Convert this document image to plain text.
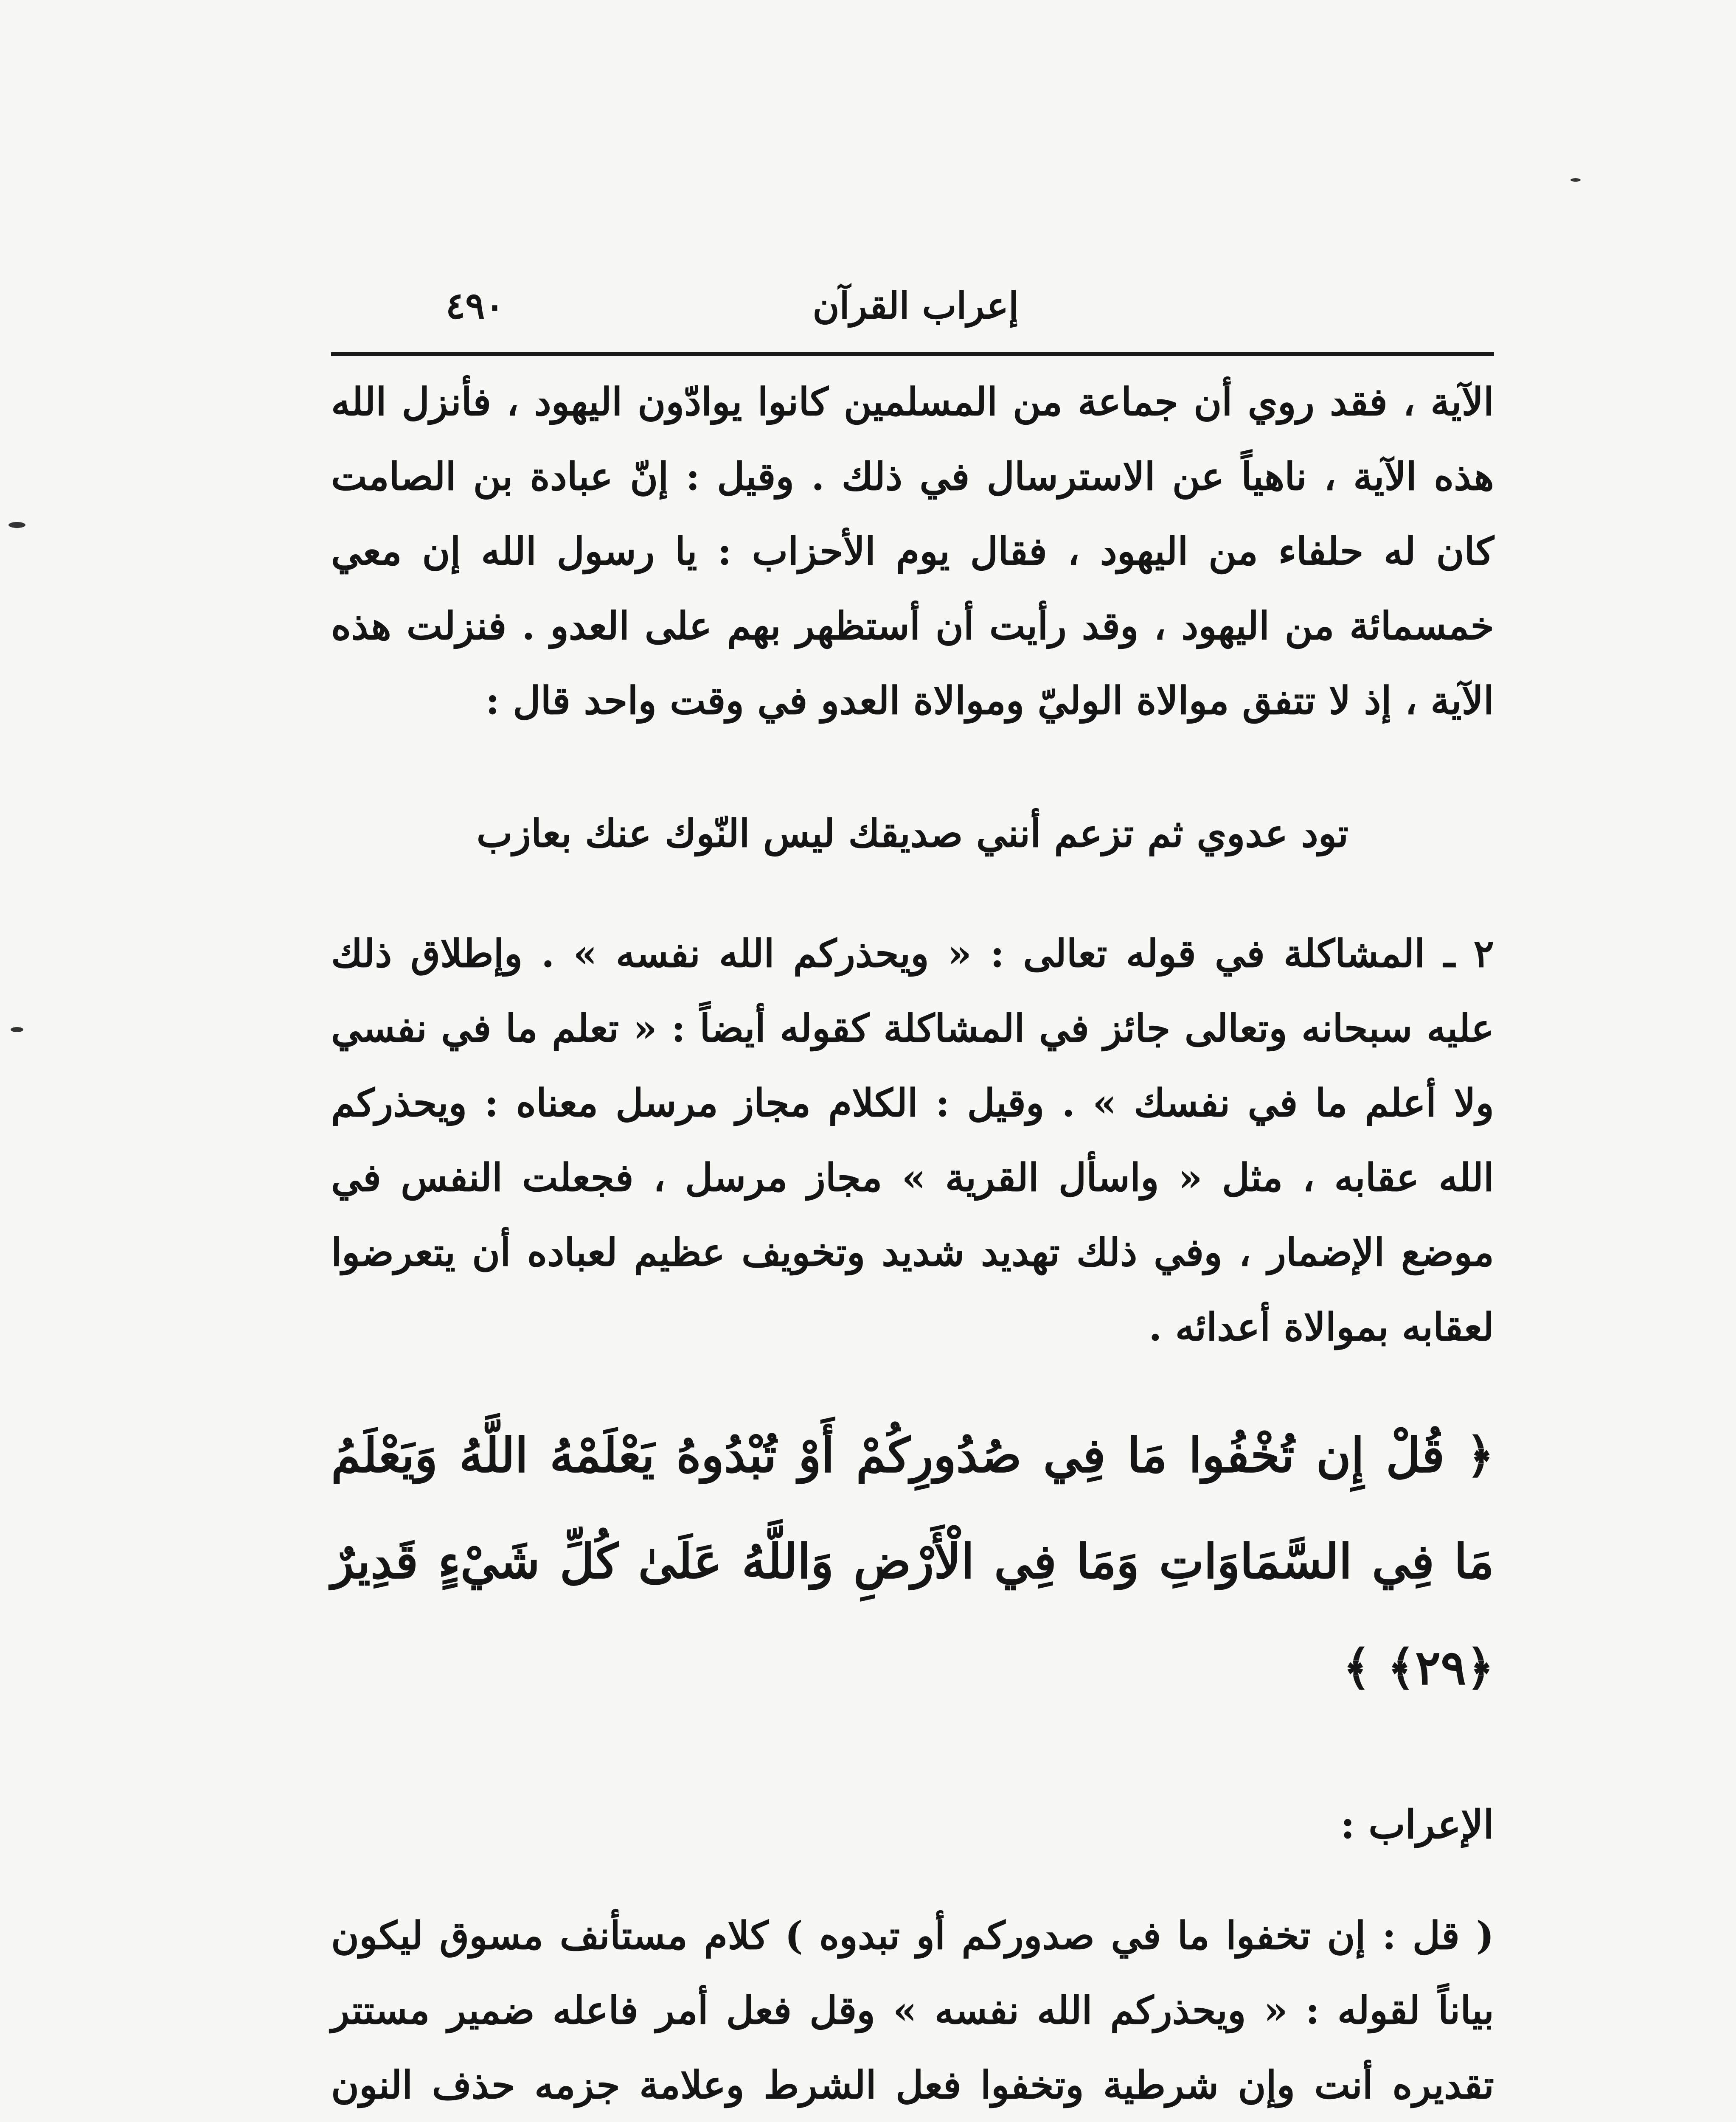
إعراب القرآن
٤٩٠

الآية ، فقد روي أن جماعة من المسلمين كانوا يوادّون اليهود ، فأنزل الله هذه الآية ، ناهياً عن الاسترسال في ذلك . وقيل : إنّ عبادة بن الصامت كان له حلفاء من اليهود ، فقال يوم الأحزاب : يا رسول الله إن معي خمسمائة من اليهود ، وقد رأيت أن أستظهر بهم على العدو . فنزلت هذه الآية ، إذ لا تتفق موالاة الوليّ وموالاة العدو في وقت واحد قال :

تود عدوي ثم تزعم أنني صديقك ليس النّوك عنك بعازب

٢ ـ المشاكلة في قوله تعالى : « ويحذركم الله نفسه » . وإطلاق ذلك عليه سبحانه وتعالى جائز في المشاكلة كقوله أيضاً : « تعلم ما في نفسي ولا أعلم ما في نفسك » . وقيل : الكلام مجاز مرسل معناه : ويحذركم الله عقابه ، مثل « واسأل القرية » مجاز مرسل ، فجعلت النفس في موضع الإضمار ، وفي ذلك تهديد شديد وتخويف عظيم لعباده أن يتعرضوا لعقابه بموالاة أعدائه .

﴿ قُلْ إِن تُخْفُوا مَا فِي صُدُورِكُمْ أَوْ تُبْدُوهُ يَعْلَمْهُ اللَّهُ وَيَعْلَمُ مَا فِي السَّمَاوَاتِ وَمَا فِي الْأَرْضِ وَاللَّهُ عَلَىٰ كُلِّ شَيْءٍ قَدِيرٌ ﴿٢٩﴾ ﴾

الإعراب :

( قل : إن تخفوا ما في صدوركم أو تبدوه ) كلام مستأنف مسوق ليكون بياناً لقوله : « ويحذركم الله نفسه » وقل فعل أمر فاعله ضمير مستتر تقديره أنت وإن شرطية وتخفوا فعل الشرط وعلامة جزمه حذف النون
